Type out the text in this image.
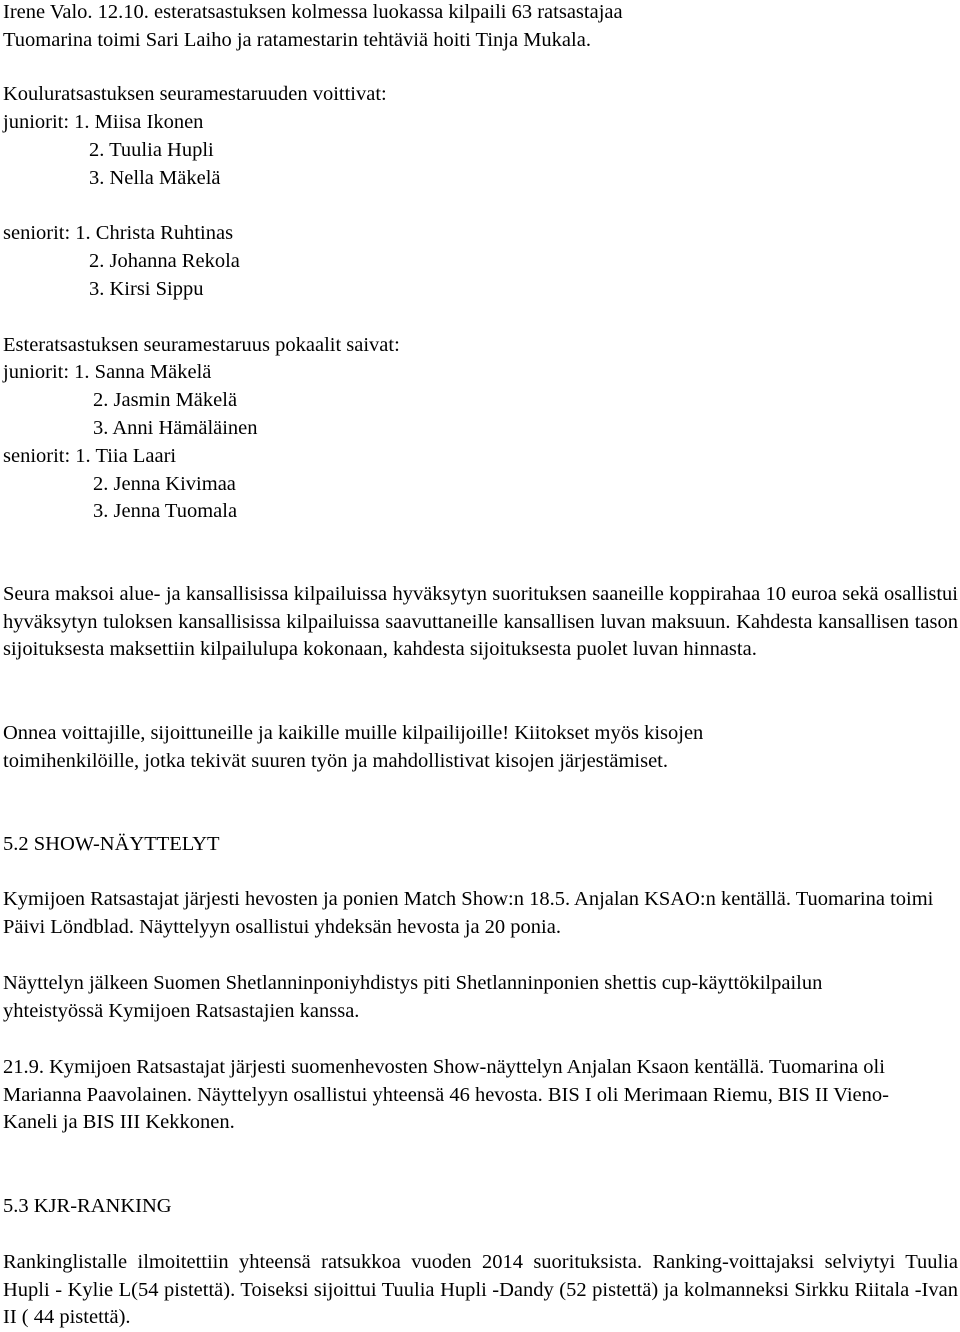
Irene Valo. 12.10. esteratsastuksen kolmessa luokassa kilpaili 63 ratsastajaa
Tuomarina toimi Sari Laiho ja ratamestarin tehtäviä hoiti Tinja Mukala.
Kouluratsastuksen seuramestaruuden voittivat:
juniorit: 1. Miisa Ikonen
2. Tuulia Hupli
3. Nella Mäkelä
seniorit: 1. Christa Ruhtinas
2. Johanna Rekola
3. Kirsi Sippu
Esteratsastuksen seuramestaruus pokaalit saivat:
juniorit: 1. Sanna Mäkelä
2. Jasmin Mäkelä
3. Anni Hämäläinen
seniorit: 1. Tiia Laari
2. Jenna Kivimaa
3. Jenna Tuomala
Seura maksoi alue- ja kansallisissa kilpailuissa hyväksytyn suorituksen saaneille koppirahaa 10 euroa sekä osallistui hyväksytyn tuloksen kansallisissa kilpailuissa saavuttaneille kansallisen luvan maksuun. Kahdesta kansallisen tason sijoituksesta maksettiin kilpailulupa kokonaan, kahdesta sijoituksesta puolet luvan hinnasta.
Onnea voittajille, sijoittuneille ja kaikille muille kilpailijoille! Kiitokset myös kisojen toimihenkilöille, jotka tekivät suuren työn ja mahdollistivat kisojen järjestämiset.
5.2 SHOW-NÄYTTELYT
Kymijoen Ratsastajat järjesti hevosten ja ponien Match Show:n 18.5. Anjalan KSAO:n kentällä. Tuomarina toimi Päivi Löndblad. Näyttelyyn osallistui yhdeksän hevosta ja 20 ponia.
Näyttelyn jälkeen Suomen Shetlanninponiyhdistys piti Shetlanninponien shettis cup-käyttökilpailun yhteistyössä Kymijoen Ratsastajien kanssa.
21.9. Kymijoen Ratsastajat järjesti suomenhevosten Show-näyttelyn Anjalan Ksaon kentällä. Tuomarina oli Marianna Paavolainen. Näyttelyyn osallistui yhteensä 46 hevosta. BIS I oli Merimaan Riemu, BIS II Vieno-Kaneli ja BIS III Kekkonen.
5.3 KJR-RANKING
Rankinglistalle ilmoitettiin yhteensä ratsukkoa vuoden 2014 suorituksista. Ranking-voittajaksi selviytyi Tuulia Hupli - Kylie L(54 pistettä). Toiseksi sijoittui Tuulia Hupli -Dandy (52 pistettä) ja kolmanneksi Sirkku Riitala -Ivan II ( 44 pistettä).
